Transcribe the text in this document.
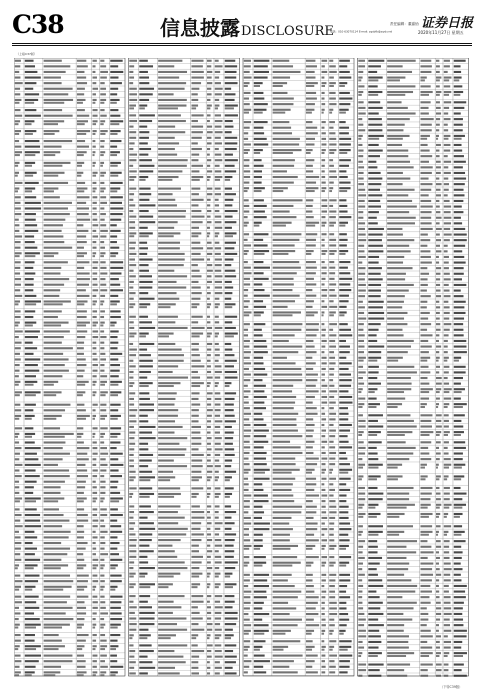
C38	信息披露DISCLOSURE	责任编辑：董嘉怡
电话：010-63070114 E-mail: zqsbfb@zqrb.net
证券日报
2020年11月27日 星期五
（上接C37版）
（下转C39版）
